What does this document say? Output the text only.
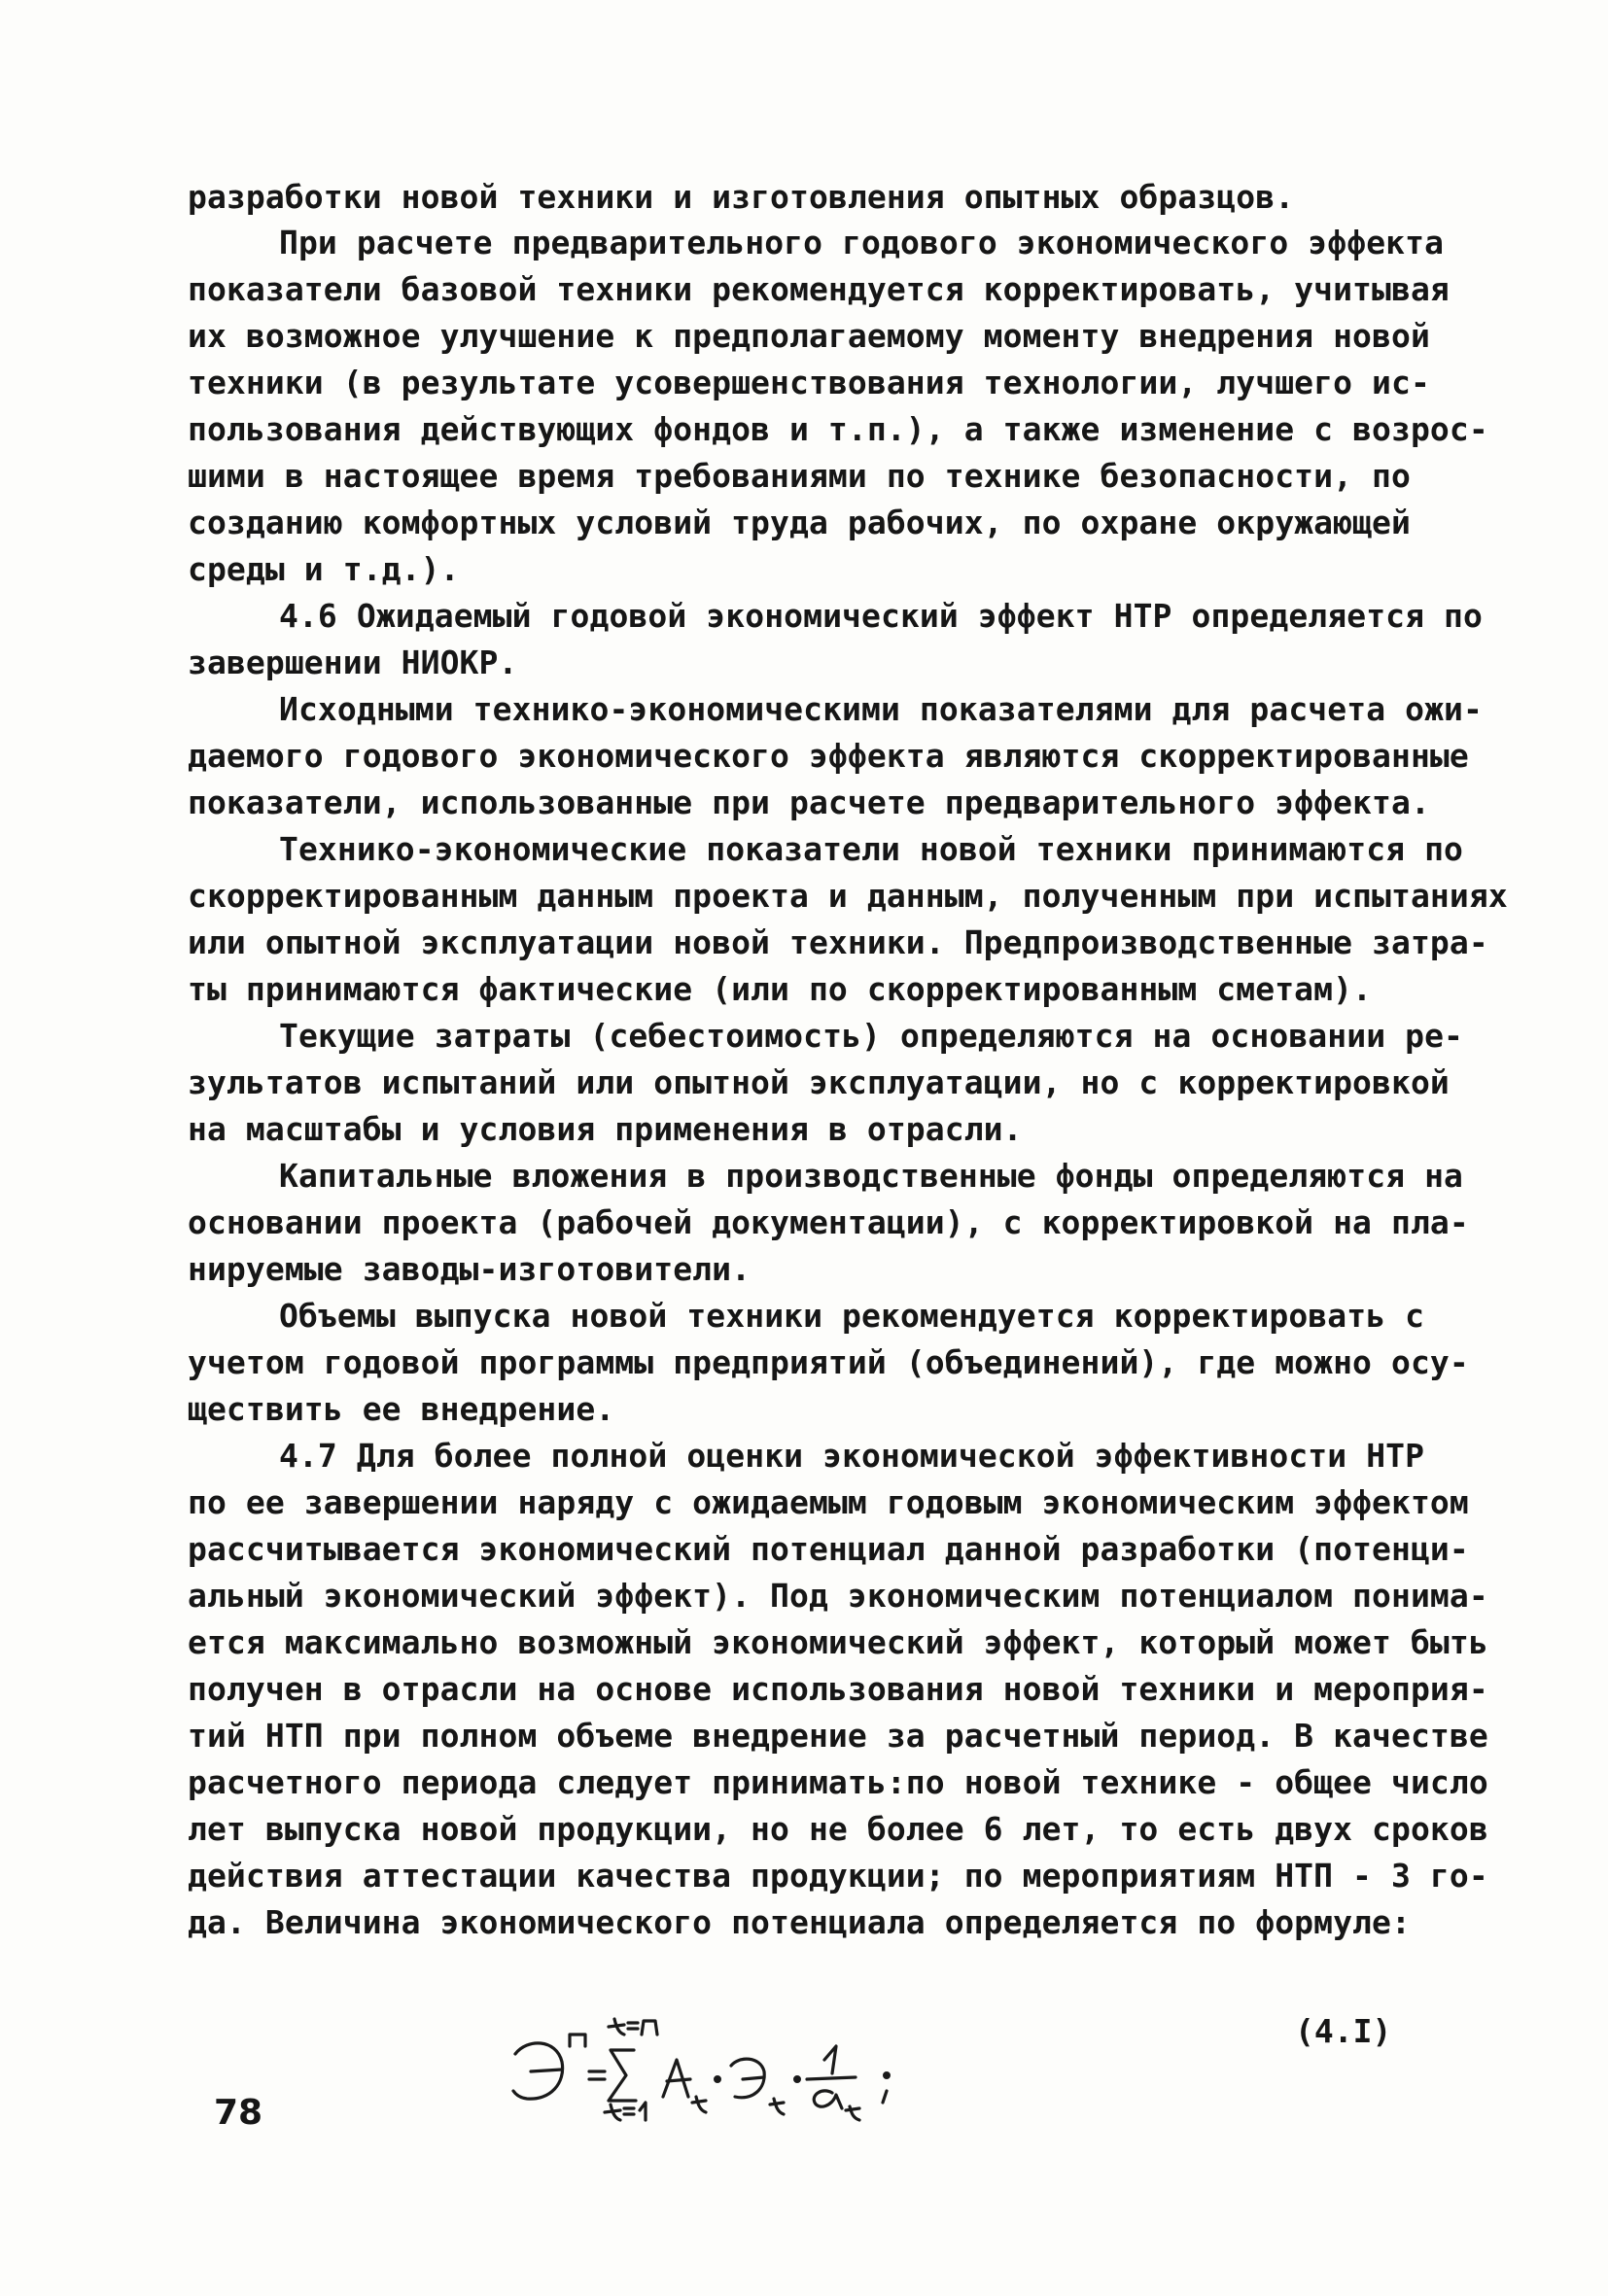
разработки новой техники и изготовления опытных образцов.
При расчете предварительного годового экономического эффекта
показатели базовой техники рекомендуется корректировать, учитывая
их возможное улучшение к предполагаемому моменту внедрения новой
техники (в результате усовершенствования технологии, лучшего ис-
пользования действующих фондов и т.п.), а также изменение с возрос-
шими в настоящее время требованиями по технике безопасности, по
созданию комфортных условий труда рабочих, по охране окружающей
среды и т.д.).
4.6 Ожидаемый годовой экономический эффект НТР определяется по
завершении НИОКР.
Исходными технико-экономическими показателями для расчета ожи-
даемого годового экономического эффекта являются скорректированные
показатели, использованные при расчете предварительного эффекта.
Технико-экономические показатели новой техники принимаются по
скорректированным данным проекта и данным, полученным при испытаниях
или опытной эксплуатации новой техники. Предпроизводственные затра-
ты принимаются фактические (или по скорректированным сметам).
Текущие затраты (себестоимость) определяются на основании ре-
зультатов испытаний или опытной эксплуатации, но с корректировкой
на масштабы и условия применения в отрасли.
Капитальные вложения в производственные фонды определяются на
основании проекта (рабочей документации), с корректировкой на пла-
нируемые заводы-изготовители.
Объемы выпуска новой техники рекомендуется корректировать с
учетом годовой программы предприятий (объединений), где можно осу-
ществить ее внедрение.
4.7 Для более полной оценки экономической эффективности НТР
по ее завершении наряду с ожидаемым годовым экономическим эффектом
рассчитывается экономический потенциал данной разработки (потенци-
альный экономический эффект). Под экономическим потенциалом понима-
ется максимально возможный экономический эффект, который может быть
получен в отрасли на основе использования новой техники и мероприя-
тий НТП при полном объеме внедрение за расчетный период. В качестве
расчетного периода следует принимать:по новой технике - общее число
лет выпуска новой продукции, но не более 6 лет, то есть двух сроков
действия аттестации качества продукции; по мероприятиям НТП - 3 го-
да. Величина экономического потенциала определяется по формуле:
(4.I)
78
